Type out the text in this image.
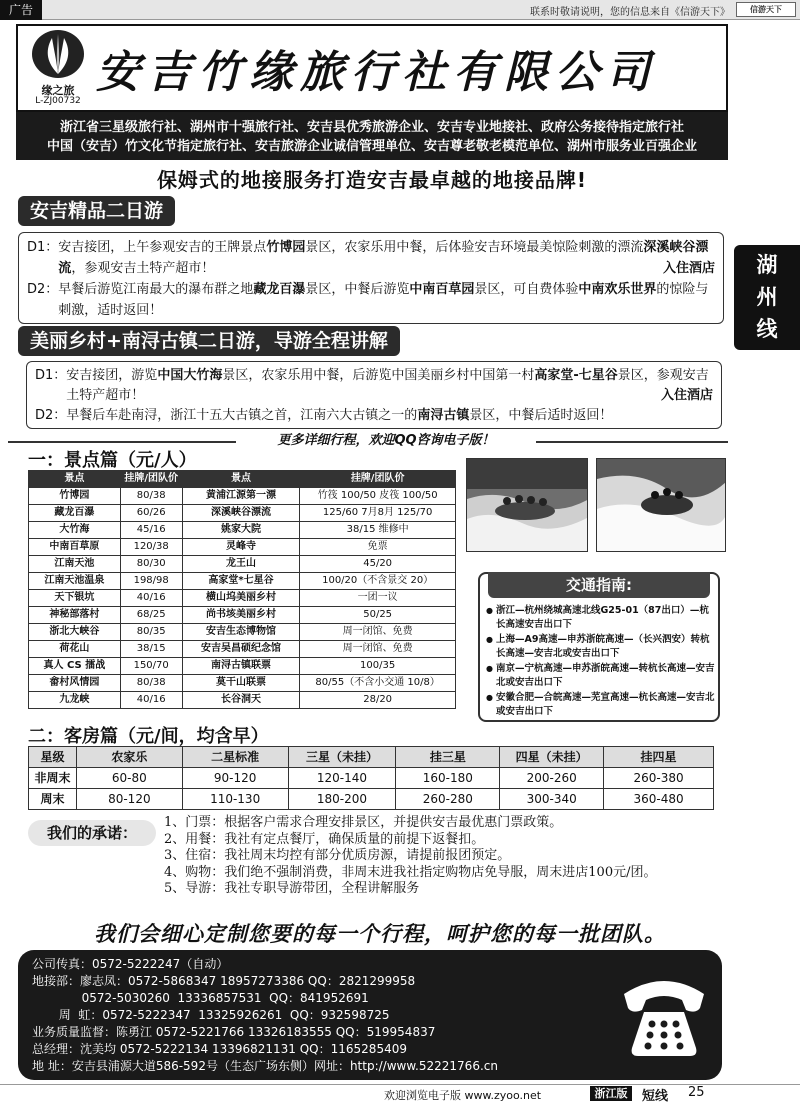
广告	联系时敬请说明，您的信息来自《信游天下》	信游天下
缘之旅
L-ZJ00732
安吉竹缘旅行社有限公司
浙江省三星级旅行社、湖州市十强旅行社、安吉县优秀旅游企业、安吉专业地接社、政府公务接待指定旅行社
中国（安吉）竹文化节指定旅行社、安吉旅游企业诚信管理单位、安吉尊老敬老模范单位、湖州市服务业百强企业
保姆式的地接服务打造安吉最卓越的地接品牌!
安吉精品二日游
D1： 安吉接团，上午参观安吉的王牌景点竹博园景区，农家乐用中餐，后体验安吉环境最美惊险刺激的漂流深溪峡谷漂流，参观安吉土特产超市！	入住酒店
D2： 早餐后游览江南最大的瀑布群之地藏龙百瀑景区，中餐后游览中南百草园景区，可自费体验中南欢乐世界的惊险与刺激，适时返回！
湖
州
线
美丽乡村+南浔古镇二日游，导游全程讲解
D1： 安吉接团，游览中国大竹海景区，农家乐用中餐，后游览中国美丽乡村中国第一村高家堂-七星谷景区，参观安吉土特产超市！	入住酒店
D2： 早餐后车赴南浔，浙江十五大古镇之首，江南六大古镇之一的南浔古镇景区，中餐后适时返回！
更多详细行程，欢迎QQ咨询电子版！
一：景点篇（元/人）
景点	挂牌/团队价	景点	挂牌/团队价
竹博园	80/38	黄浦江源第一漂	竹筏 100/50 皮筏 100/50
藏龙百瀑	60/26	深溪峡谷漂流	125/60 7月8月 125/70
大竹海	45/16	姚家大院	38/15 维修中
中南百草原	120/38	灵峰寺	免票
江南天池	80/30	龙王山	45/20
江南天池温泉	198/98	高家堂*七星谷	100/20（不含景交 20）
天下银坑	40/16	横山坞美丽乡村	一团一议
神秘部落村	68/25	尚书垓美丽乡村	50/25
浙北大峡谷	80/35	安吉生态博物馆	周一闭馆、免费
荷花山	38/15	安吉吴昌硕纪念馆	周一闭馆、免费
真人 CS 擂战	150/70	南浔古镇联票	100/35
畲村风情园	80/38	莫干山联票	80/55（不含小交通 10/8）
九龙峡	40/16	长谷洞天	28/20
交通指南:
● 浙江—杭州绕城高速北线G25-01（87出口）—杭长高速安吉出口下
● 上海—A9高速—申苏浙皖高速—（长兴泗安）转杭长高速—安吉北或安吉出口下
● 南京—宁杭高速—申苏浙皖高速—转杭长高速—安吉北或安吉出口下
● 安徽合肥—合皖高速—芜宣高速—杭长高速—安吉北或安吉出口下
二：客房篇（元/间，均含早）
星级	农家乐	二星标准	三星（未挂）	挂三星	四星（未挂）	挂四星
非周末	60-80	90-120	120-140	160-180	200-260	260-380
周末	80-120	110-130	180-200	260-280	300-340	360-480
我们的承诺：
1、 门票：根据客户需求合理安排景区，并提供安吉最优惠门票政策。
2、 用餐：我社有定点餐厅，确保质量的前提下返餐扣。
3、 住宿：我社周末均控有部分优质房源，请提前报团预定。
4、 购物：我们绝不强制消费，非周末进我社指定购物店免导服，周末进店100元/团。
5、 导游：我社专职导游带团，全程讲解服务
我们会细心定制您要的每一个行程，呵护您的每一批团队。
公司传真：0572-5222247（自动）
地接部：廖志凤：0572-5868347 18957273386 QQ：2821299958
0572-5030260  13336857531  QQ：841952691
周  虹：0572-5222347  13325926261  QQ：932598725
业务质量监督：陈勇江 0572-5221766 13326183555 QQ：519954837
总经理：沈美均 0572-5222134 13396821131 QQ：1165285409
地 址：安吉县浦源大道586-592号（生态广场东侧）网址：http://www.52221766.cn
欢迎浏览电子版 www.zyoo.net	浙江版	短线 25
